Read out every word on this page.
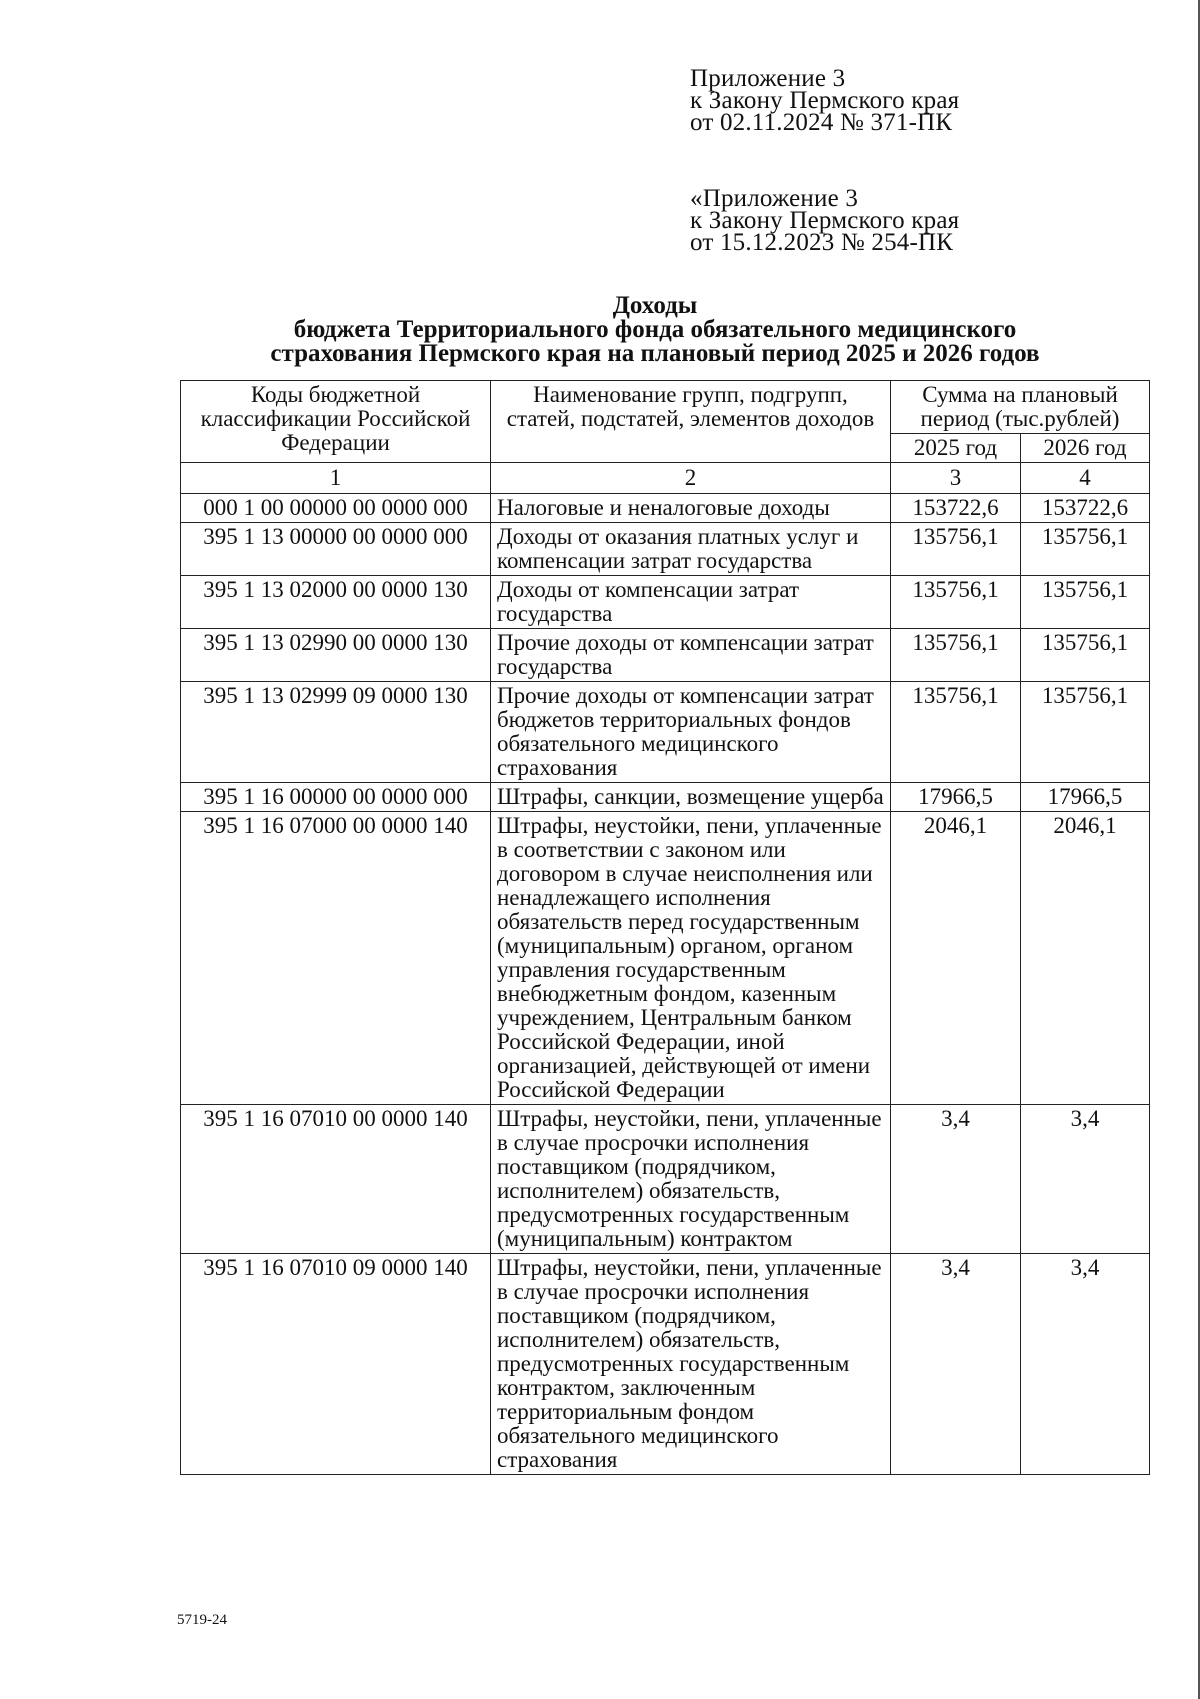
Приложение 3
к Закону Пермского края
от 02.11.2024 № 371-ПК
«Приложение 3
к Закону Пермского края
от 15.12.2023 № 254-ПК
Доходы
бюджета Территориального фонда обязательного медицинского
страхования Пермского края на плановый период 2025 и 2026 годов
Коды бюджетной классификации Российской Федерации	Наименование групп, подгрупп, статей, подстатей, элементов доходов	Сумма на плановый период (тыс.рублей)	
		2025 год	2026 год
1	2	3	4
000 1 00 00000 00 0000 000	Налоговые и неналоговые доходы	153722,6	153722,6
395 1 13 00000 00 0000 000	Доходы от оказания платных услуг и компенсации затрат государства	135756,1	135756,1
395 1 13 02000 00 0000 130	Доходы от компенсации затрат государства	135756,1	135756,1
395 1 13 02990 00 0000 130	Прочие доходы от компенсации затрат государства	135756,1	135756,1
395 1 13 02999 09 0000 130	Прочие доходы от компенсации затрат бюджетов территориальных фондов обязательного медицинского страхования	135756,1	135756,1
395 1 16 00000 00 0000 000	Штрафы, санкции, возмещение ущерба	17966,5	17966,5
395 1 16 07000 00 0000 140	Штрафы, неустойки, пени, уплаченные в соответствии с законом или договором в случае неисполнения или ненадлежащего исполнения обязательств перед государственным (муниципальным) органом, органом управления государственным внебюджетным фондом, казенным учреждением, Центральным банком Российской Федерации, иной организацией, действующей от имени Российской Федерации	2046,1	2046,1
395 1 16 07010 00 0000 140	Штрафы, неустойки, пени, уплаченные в случае просрочки исполнения поставщиком (подрядчиком, исполнителем) обязательств, предусмотренных государственным (муниципальным) контрактом	3,4	3,4
395 1 16 07010 09 0000 140	Штрафы, неустойки, пени, уплаченные в случае просрочки исполнения поставщиком (подрядчиком, исполнителем) обязательств, предусмотренных государственным контрактом, заключенным территориальным фондом обязательного медицинского страхования	3,4	3,4
5719-24
